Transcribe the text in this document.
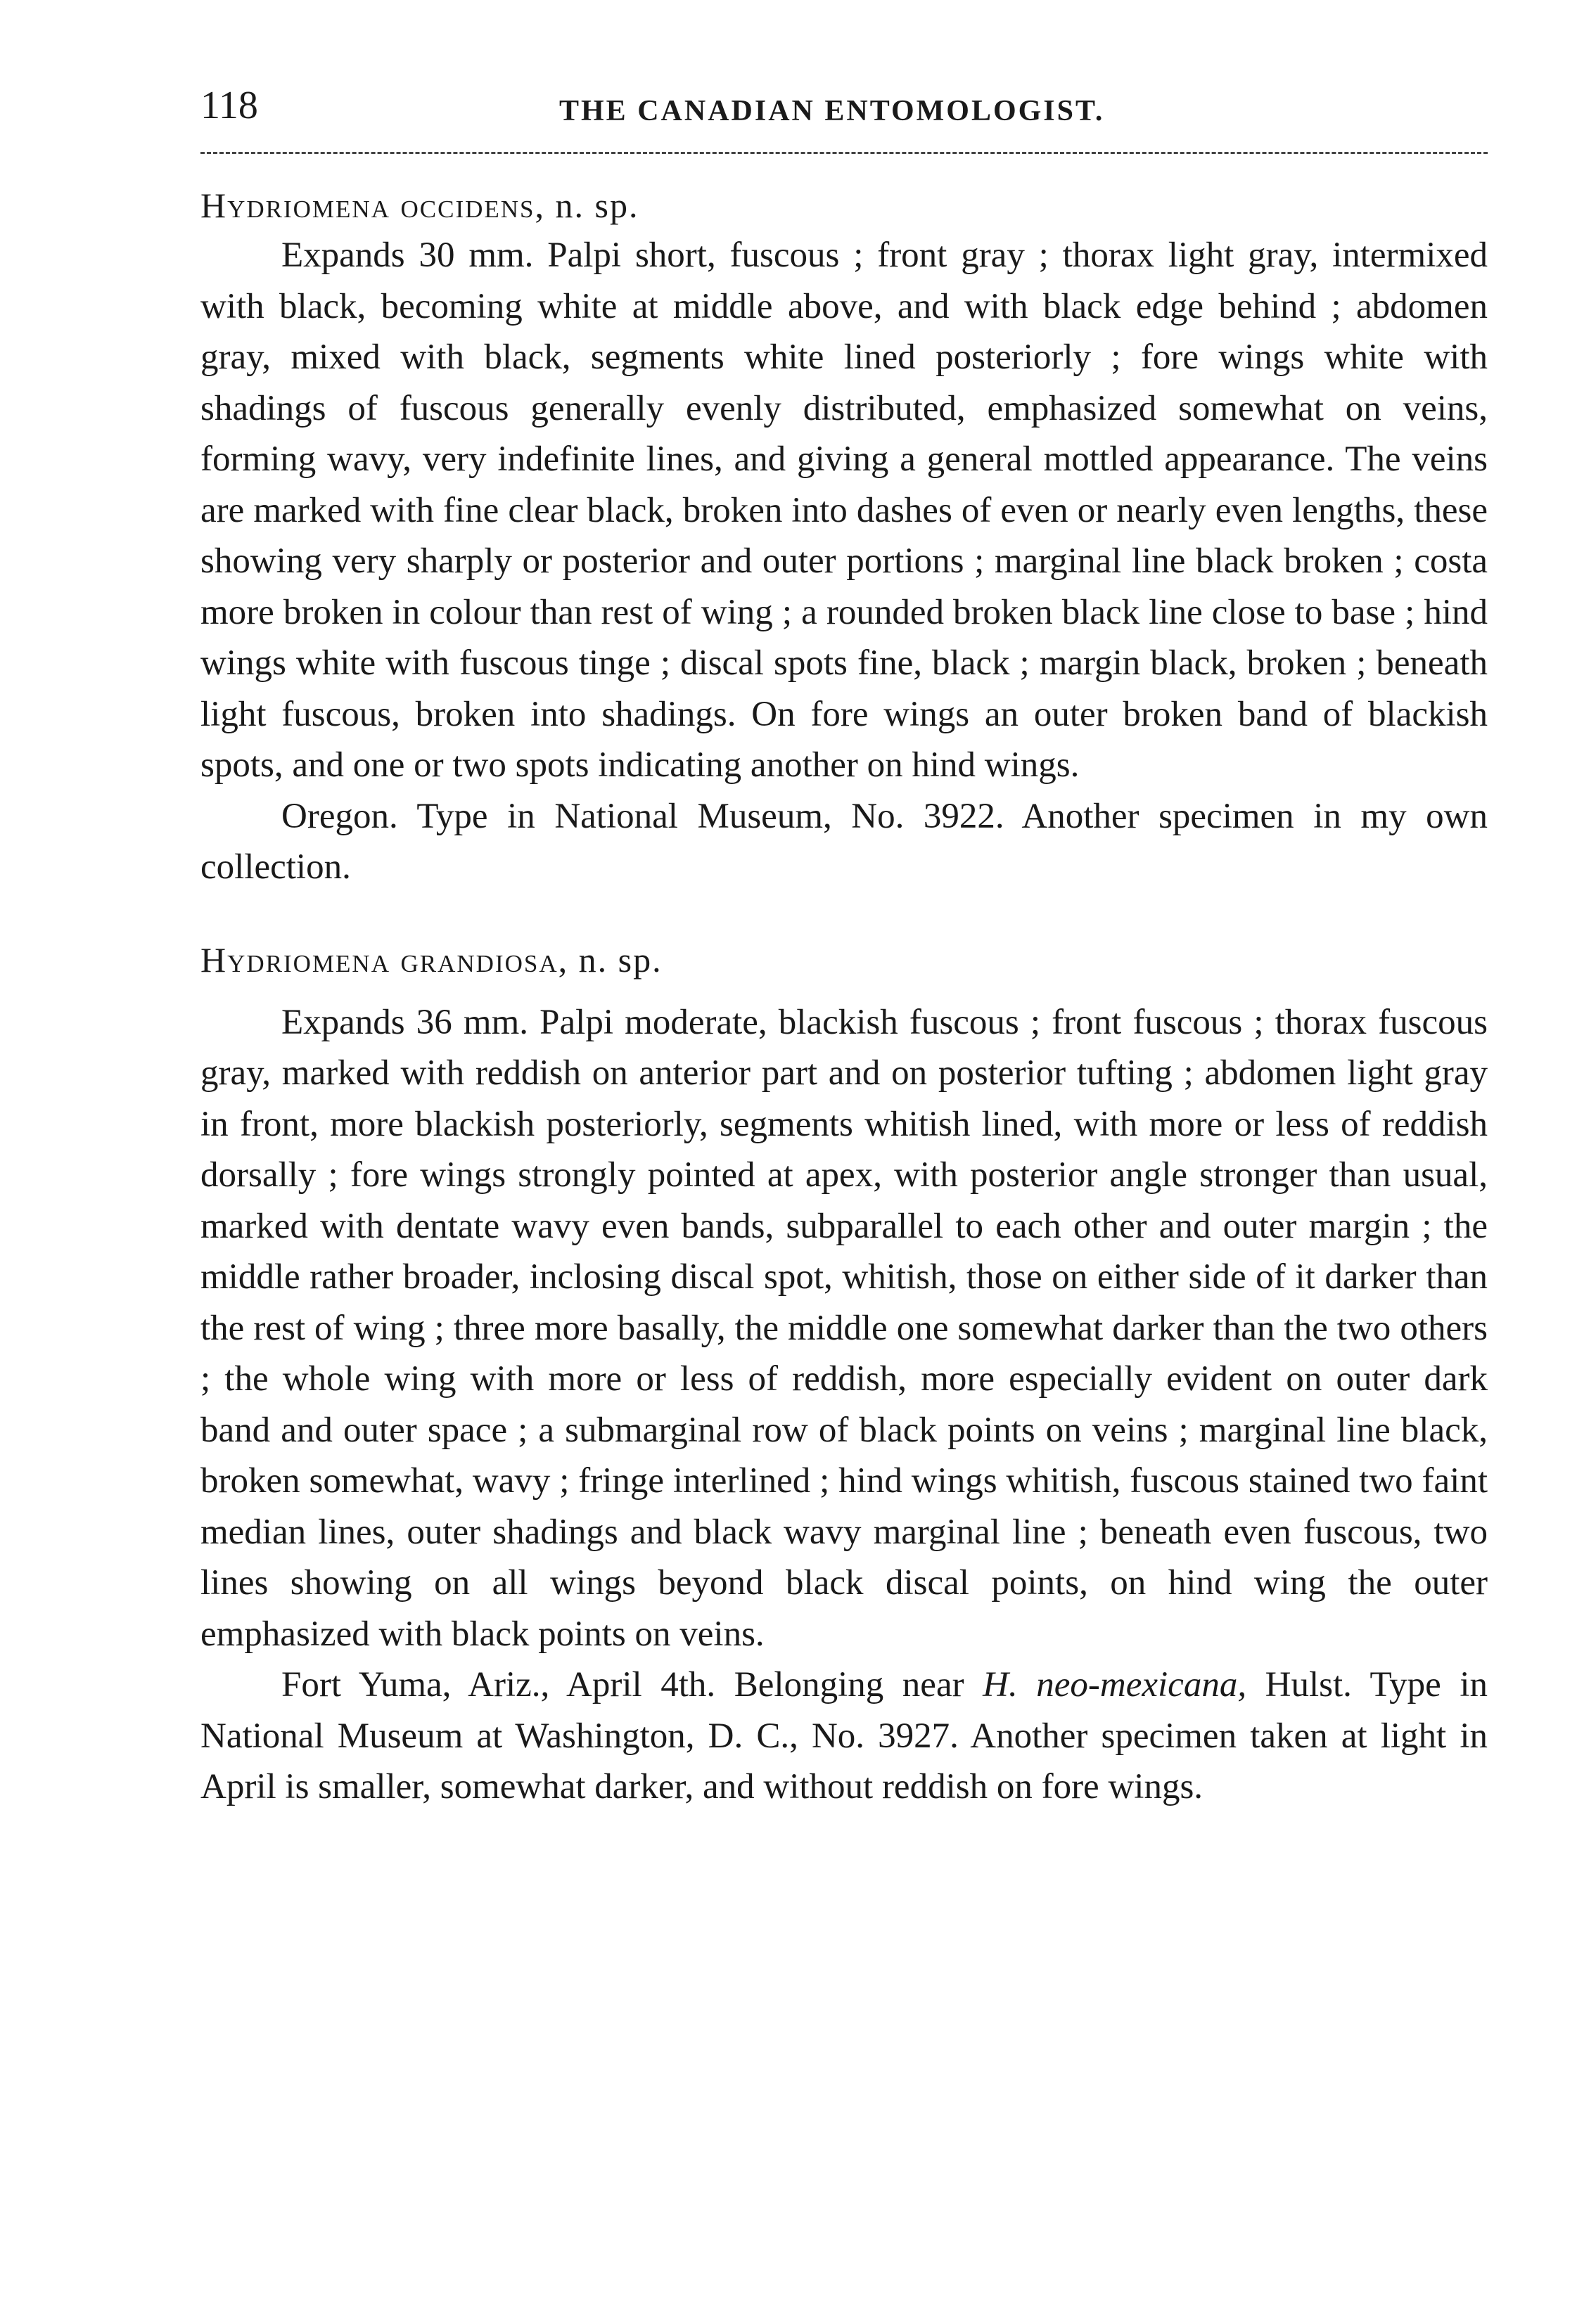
118	THE CANADIAN ENTOMOLOGIST.
Hydriomena occidens, n. sp.

Expands 30 mm. Palpi short, fuscous ; front gray ; thorax light gray, intermixed with black, becoming white at middle above, and with black edge behind ; abdomen gray, mixed with black, segments white lined posteriorly ; fore wings white with shadings of fuscous generally evenly distributed, emphasized somewhat on veins, forming wavy, very indefinite lines, and giving a general mottled appearance. The veins are marked with fine clear black, broken into dashes of even or nearly even lengths, these showing very sharply or posterior and outer portions ; marginal line black broken ; costa more broken in colour than rest of wing ; a rounded broken black line close to base ; hind wings white with fuscous tinge ; discal spots fine, black ; margin black, broken ; beneath light fuscous, broken into shadings. On fore wings an outer broken band of blackish spots, and one or two spots indicating another on hind wings.

Oregon. Type in National Museum, No. 3922. Another specimen in my own collection.

Hydriomena grandiosa, n. sp.

Expands 36 mm. Palpi moderate, blackish fuscous ; front fuscous ; thorax fuscous gray, marked with reddish on anterior part and on posterior tufting ; abdomen light gray in front, more blackish posteriorly, segments whitish lined, with more or less of reddish dorsally ; fore wings strongly pointed at apex, with posterior angle stronger than usual, marked with dentate wavy even bands, subparallel to each other and outer margin ; the middle rather broader, inclosing discal spot, whitish, those on either side of it darker than the rest of wing ; three more basally, the middle one somewhat darker than the two others ; the whole wing with more or less of reddish, more especially evident on outer dark band and outer space ; a submarginal row of black points on veins ; marginal line black, broken somewhat, wavy ; fringe interlined ; hind wings whitish, fuscous stained two faint median lines, outer shadings and black wavy marginal line ; beneath even fuscous, two lines showing on all wings beyond black discal points, on hind wing the outer emphasized with black points on veins.

Fort Yuma, Ariz., April 4th. Belonging near H. neo-mexicana, Hulst. Type in National Museum at Washington, D. C., No. 3927. Another specimen taken at light in April is smaller, somewhat darker, and without reddish on fore wings.
